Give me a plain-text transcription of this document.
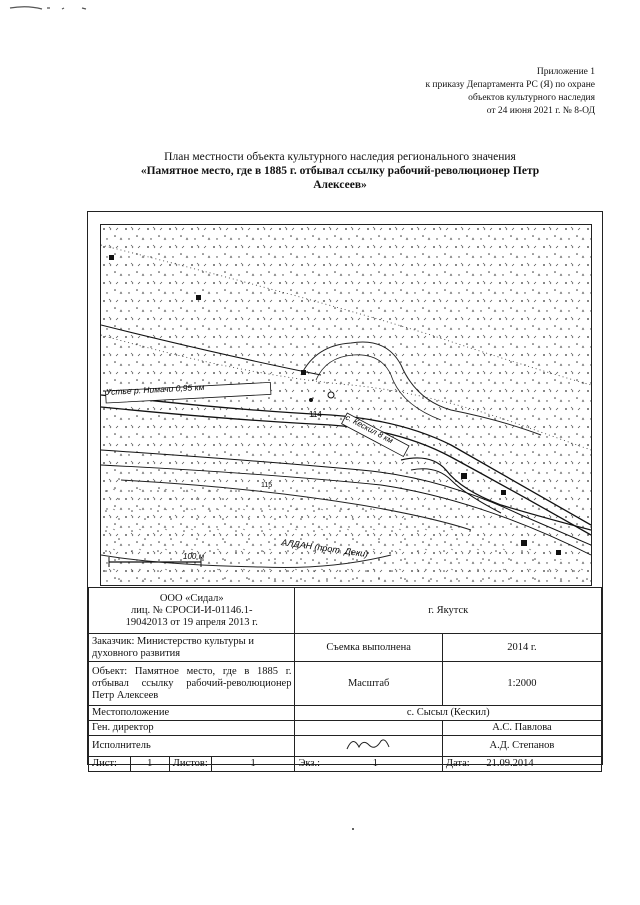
Приложение 1
к приказу Департамента РС (Я) по охране
объектов культурного наследия
от 24 июня 2021 г. № 8-ОД
План местности объекта культурного наследия регионального значения
«Памятное место, где в 1885 г. отбывал ссылку рабочий-революционер Петр
Алексеев»
Устье р. Нимачи 0,95 км
с. Кескил 8 км
АЛДАН (прот. Деки)
100 м
114
115
ООО «Сидал»
лиц. № СРОСИ-И-01146.1-
19042013 от 19 апреля 2013 г.				г. Якутск	
Заказчик: Министерство культуры и духовного развития				Съемка выполнена	2014 г.
Объект: Памятное место, где в 1885 г. отбывал ссылку рабочий-революционер Петр Алексеев				Масштаб	1:2000
Местоположение				с. Сысыл (Кескил)	
Ген. директор					А.С. Павлова
Исполнитель					А.Д. Степанов
Лист:	1	Листов:	1	Экз.: 1	Дата: 21.09.2014
